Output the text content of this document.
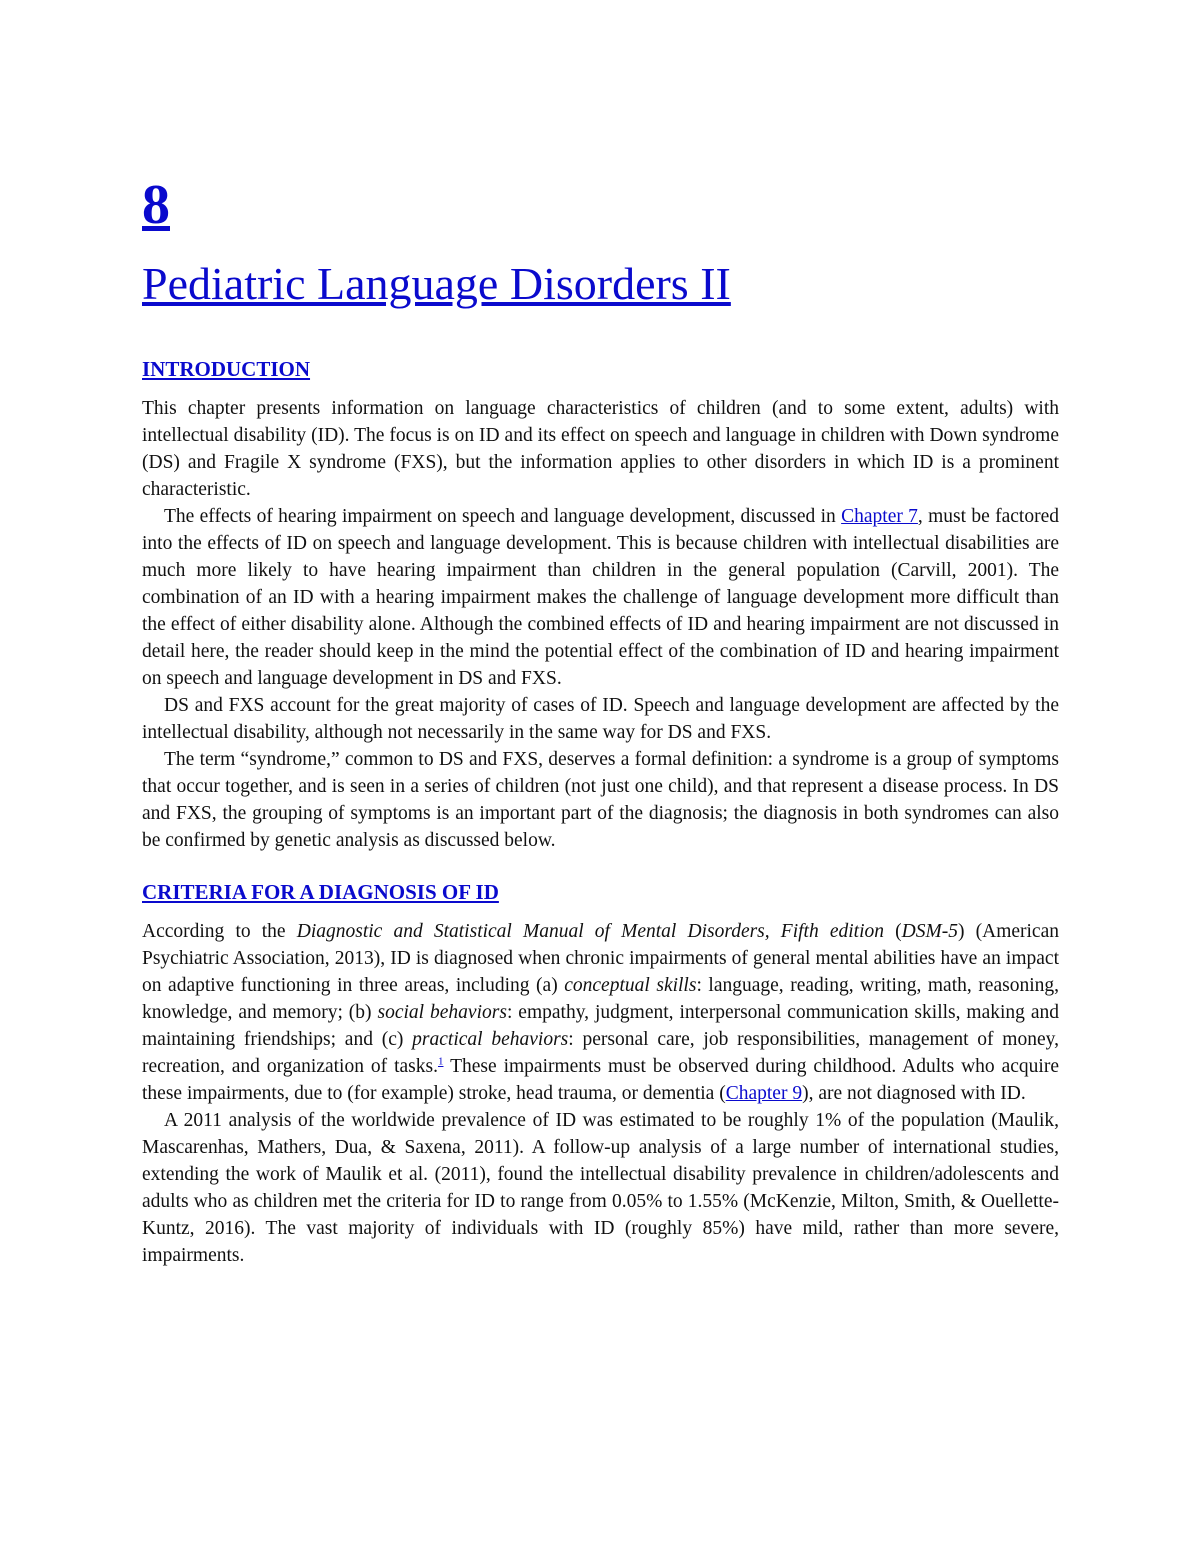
8
Pediatric Language Disorders II
INTRODUCTION

This chapter presents information on language characteristics of children (and to some extent, adults) with intellectual disability (ID). The focus is on ID and its effect on speech and language in children with Down syndrome (DS) and Fragile X syndrome (FXS), but the information applies to other disorders in which ID is a prominent characteristic.

The effects of hearing impairment on speech and language development, discussed in Chapter 7, must be factored into the effects of ID on speech and language development. This is because children with intellectual disabilities are much more likely to have hearing impairment than children in the general population (Carvill, 2001). The combination of an ID with a hearing impairment makes the challenge of language development more difficult than the effect of either disability alone. Although the combined effects of ID and hearing impairment are not discussed in detail here, the reader should keep in the mind the potential effect of the combination of ID and hearing impairment on speech and language development in DS and FXS.

DS and FXS account for the great majority of cases of ID. Speech and language development are affected by the intellectual disability, although not necessarily in the same way for DS and FXS.

The term “syndrome,” common to DS and FXS, deserves a formal definition: a syndrome is a group of symptoms that occur together, and is seen in a series of children (not just one child), and that represent a disease process. In DS and FXS, the grouping of symptoms is an important part of the diagnosis; the diagnosis in both syndromes can also be confirmed by genetic analysis as discussed below.

CRITERIA FOR A DIAGNOSIS OF ID

According to the Diagnostic and Statistical Manual of Mental Disorders, Fifth edition (DSM-5) (American Psychiatric Association, 2013), ID is diagnosed when chronic impairments of general mental abilities have an impact on adaptive functioning in three areas, including (a) conceptual skills: language, reading, writing, math, reasoning, knowledge, and memory; (b) social behaviors: empathy, judgment, interpersonal communication skills, making and maintaining friendships; and (c) practical behaviors: personal care, job responsibilities, management of money, recreation, and organization of tasks.$^1$ These impairments must be observed during childhood. Adults who acquire these impairments, due to (for example) stroke, head trauma, or dementia (Chapter 9), are not diagnosed with ID.

A 2011 analysis of the worldwide prevalence of ID was estimated to be roughly 1% of the population (Maulik, Mascarenhas, Mathers, Dua, & Saxena, 2011). A follow-up analysis of a large number of international studies, extending the work of Maulik et al. (2011), found the intellectual disability prevalence in children/adolescents and adults who as children met the criteria for ID to range from 0.05% to 1.55% (McKenzie, Milton, Smith, & Ouellette-Kuntz, 2016). The vast majority of individuals with ID (roughly 85%) have mild, rather than more severe, impairments.
